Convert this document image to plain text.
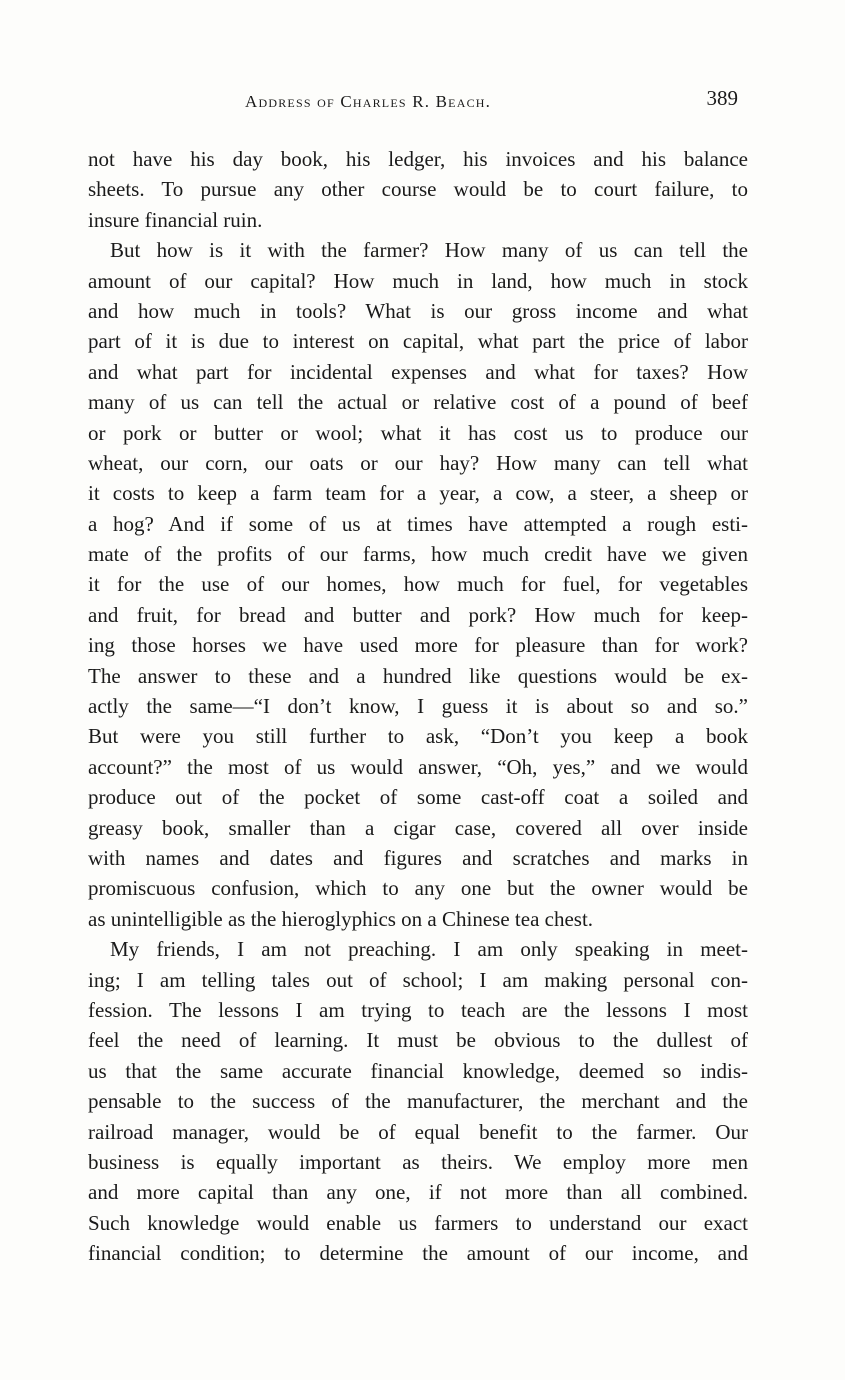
Address of Charles R. Beach.	389
not have his day book, his ledger, his invoices and his balance
sheets. To pursue any other course would be to court failure, to
insure financial ruin.
But how is it with the farmer? How many of us can tell the
amount of our capital? How much in land, how much in stock
and how much in tools? What is our gross income and what
part of it is due to interest on capital, what part the price of labor
and what part for incidental expenses and what for taxes? How
many of us can tell the actual or relative cost of a pound of beef
or pork or butter or wool; what it has cost us to produce our
wheat, our corn, our oats or our hay? How many can tell what
it costs to keep a farm team for a year, a cow, a steer, a sheep or
a hog? And if some of us at times have attempted a rough esti-
mate of the profits of our farms, how much credit have we given
it for the use of our homes, how much for fuel, for vegetables
and fruit, for bread and butter and pork? How much for keep-
ing those horses we have used more for pleasure than for work?
The answer to these and a hundred like questions would be ex-
actly the same—“I don’t know, I guess it is about so and so.”
But were you still further to ask, “Don’t you keep a book
account?” the most of us would answer, “Oh, yes,” and we would
produce out of the pocket of some cast-off coat a soiled and
greasy book, smaller than a cigar case, covered all over inside
with names and dates and figures and scratches and marks in
promiscuous confusion, which to any one but the owner would be
as unintelligible as the hieroglyphics on a Chinese tea chest.
My friends, I am not preaching. I am only speaking in meet-
ing; I am telling tales out of school; I am making personal con-
fession. The lessons I am trying to teach are the lessons I most
feel the need of learning. It must be obvious to the dullest of
us that the same accurate financial knowledge, deemed so indis-
pensable to the success of the manufacturer, the merchant and the
railroad manager, would be of equal benefit to the farmer. Our
business is equally important as theirs. We employ more men
and more capital than any one, if not more than all combined.
Such knowledge would enable us farmers to understand our exact
financial condition; to determine the amount of our income, and
